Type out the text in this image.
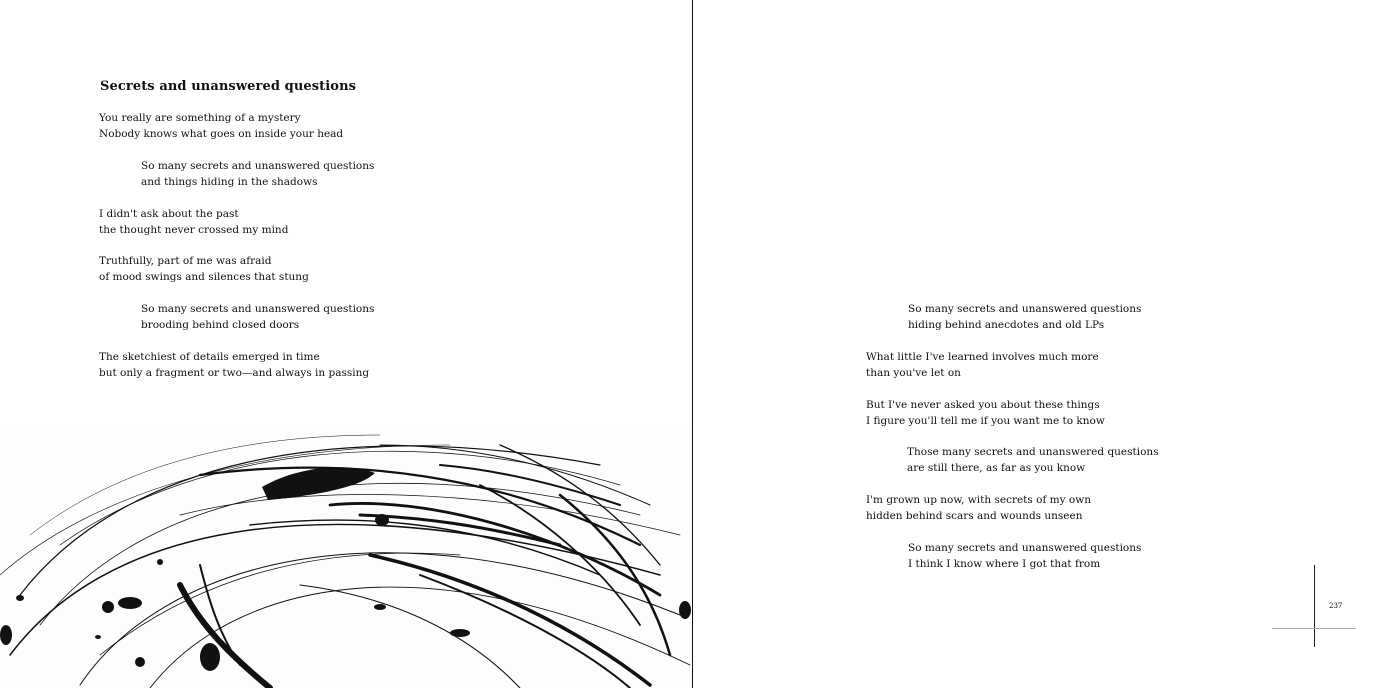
Secrets and unanswered questions

You really are something of a mystery
Nobody knows what goes on inside your head

So many secrets and unanswered questions
and things hiding in the shadows

I didn't ask about the past
the thought never crossed my mind

Truthfully, part of me was afraid
of mood swings and silences that stung

So many secrets and unanswered questions
brooding behind closed doors

The sketchiest of details emerged in time
but only a fragment or two—and always in passing

So many secrets and unanswered questions
hiding behind anecdotes and old LPs

What little I've learned involves much more
than you've let on

But I've never asked you about these things
I figure you'll tell me if you want me to know

Those many secrets and unanswered questions
are still there, as far as you know

I'm grown up now, with secrets of my own
hidden behind scars and wounds unseen

So many secrets and unanswered questions
I think I know where I got that from

237
